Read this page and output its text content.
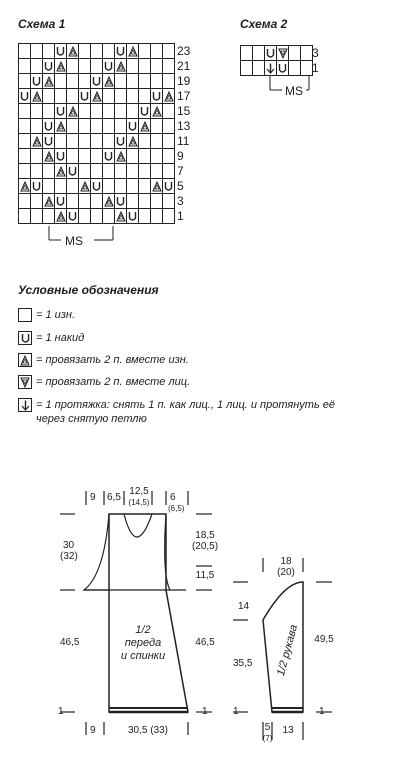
Схема 1
23
21
19
17
15
13
11
9
7
5
3
1
MS
Схема 2
3
1
MS
Условные обозначения
= 1 изн.
= 1 накид
= провязать 2 п. вместе изн.
= провязать 2 п. вместе лиц.
= 1 протяжка: снять 1 п. как лиц., 1 лиц. и протянуть её
через снятую петлю
9 6,5
12,5
(14,5) 6
(6,5)
30
(32)
46,5
1
18,5
(20,5)
11,5
46,5
1
9	30,5 (33)
1/2
переда
и спинки
18
(20)
14
35,5
1
49,5
1
5
(7)
13
1/2 рукава
